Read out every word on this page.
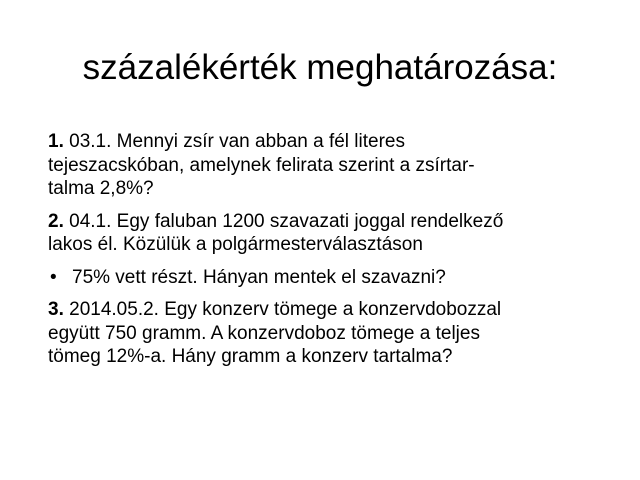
százalékérték meghatározása:
1. 03.1. Mennyi zsír van abban a fél literes
tejeszacskóban, amelynek felirata szerint a zsírtar-
talma 2,8%?
2. 04.1. Egy faluban 1200 szavazati joggal rendelkező
lakos él. Közülük a polgármesterválasztáson
• 75% vett részt. Hányan mentek el szavazni?
3. 2014.05.2. Egy konzerv tömege a konzervdobozzal
együtt 750 gramm. A konzervdoboz tömege a teljes
tömeg 12%-a. Hány gramm a konzerv tartalma?
